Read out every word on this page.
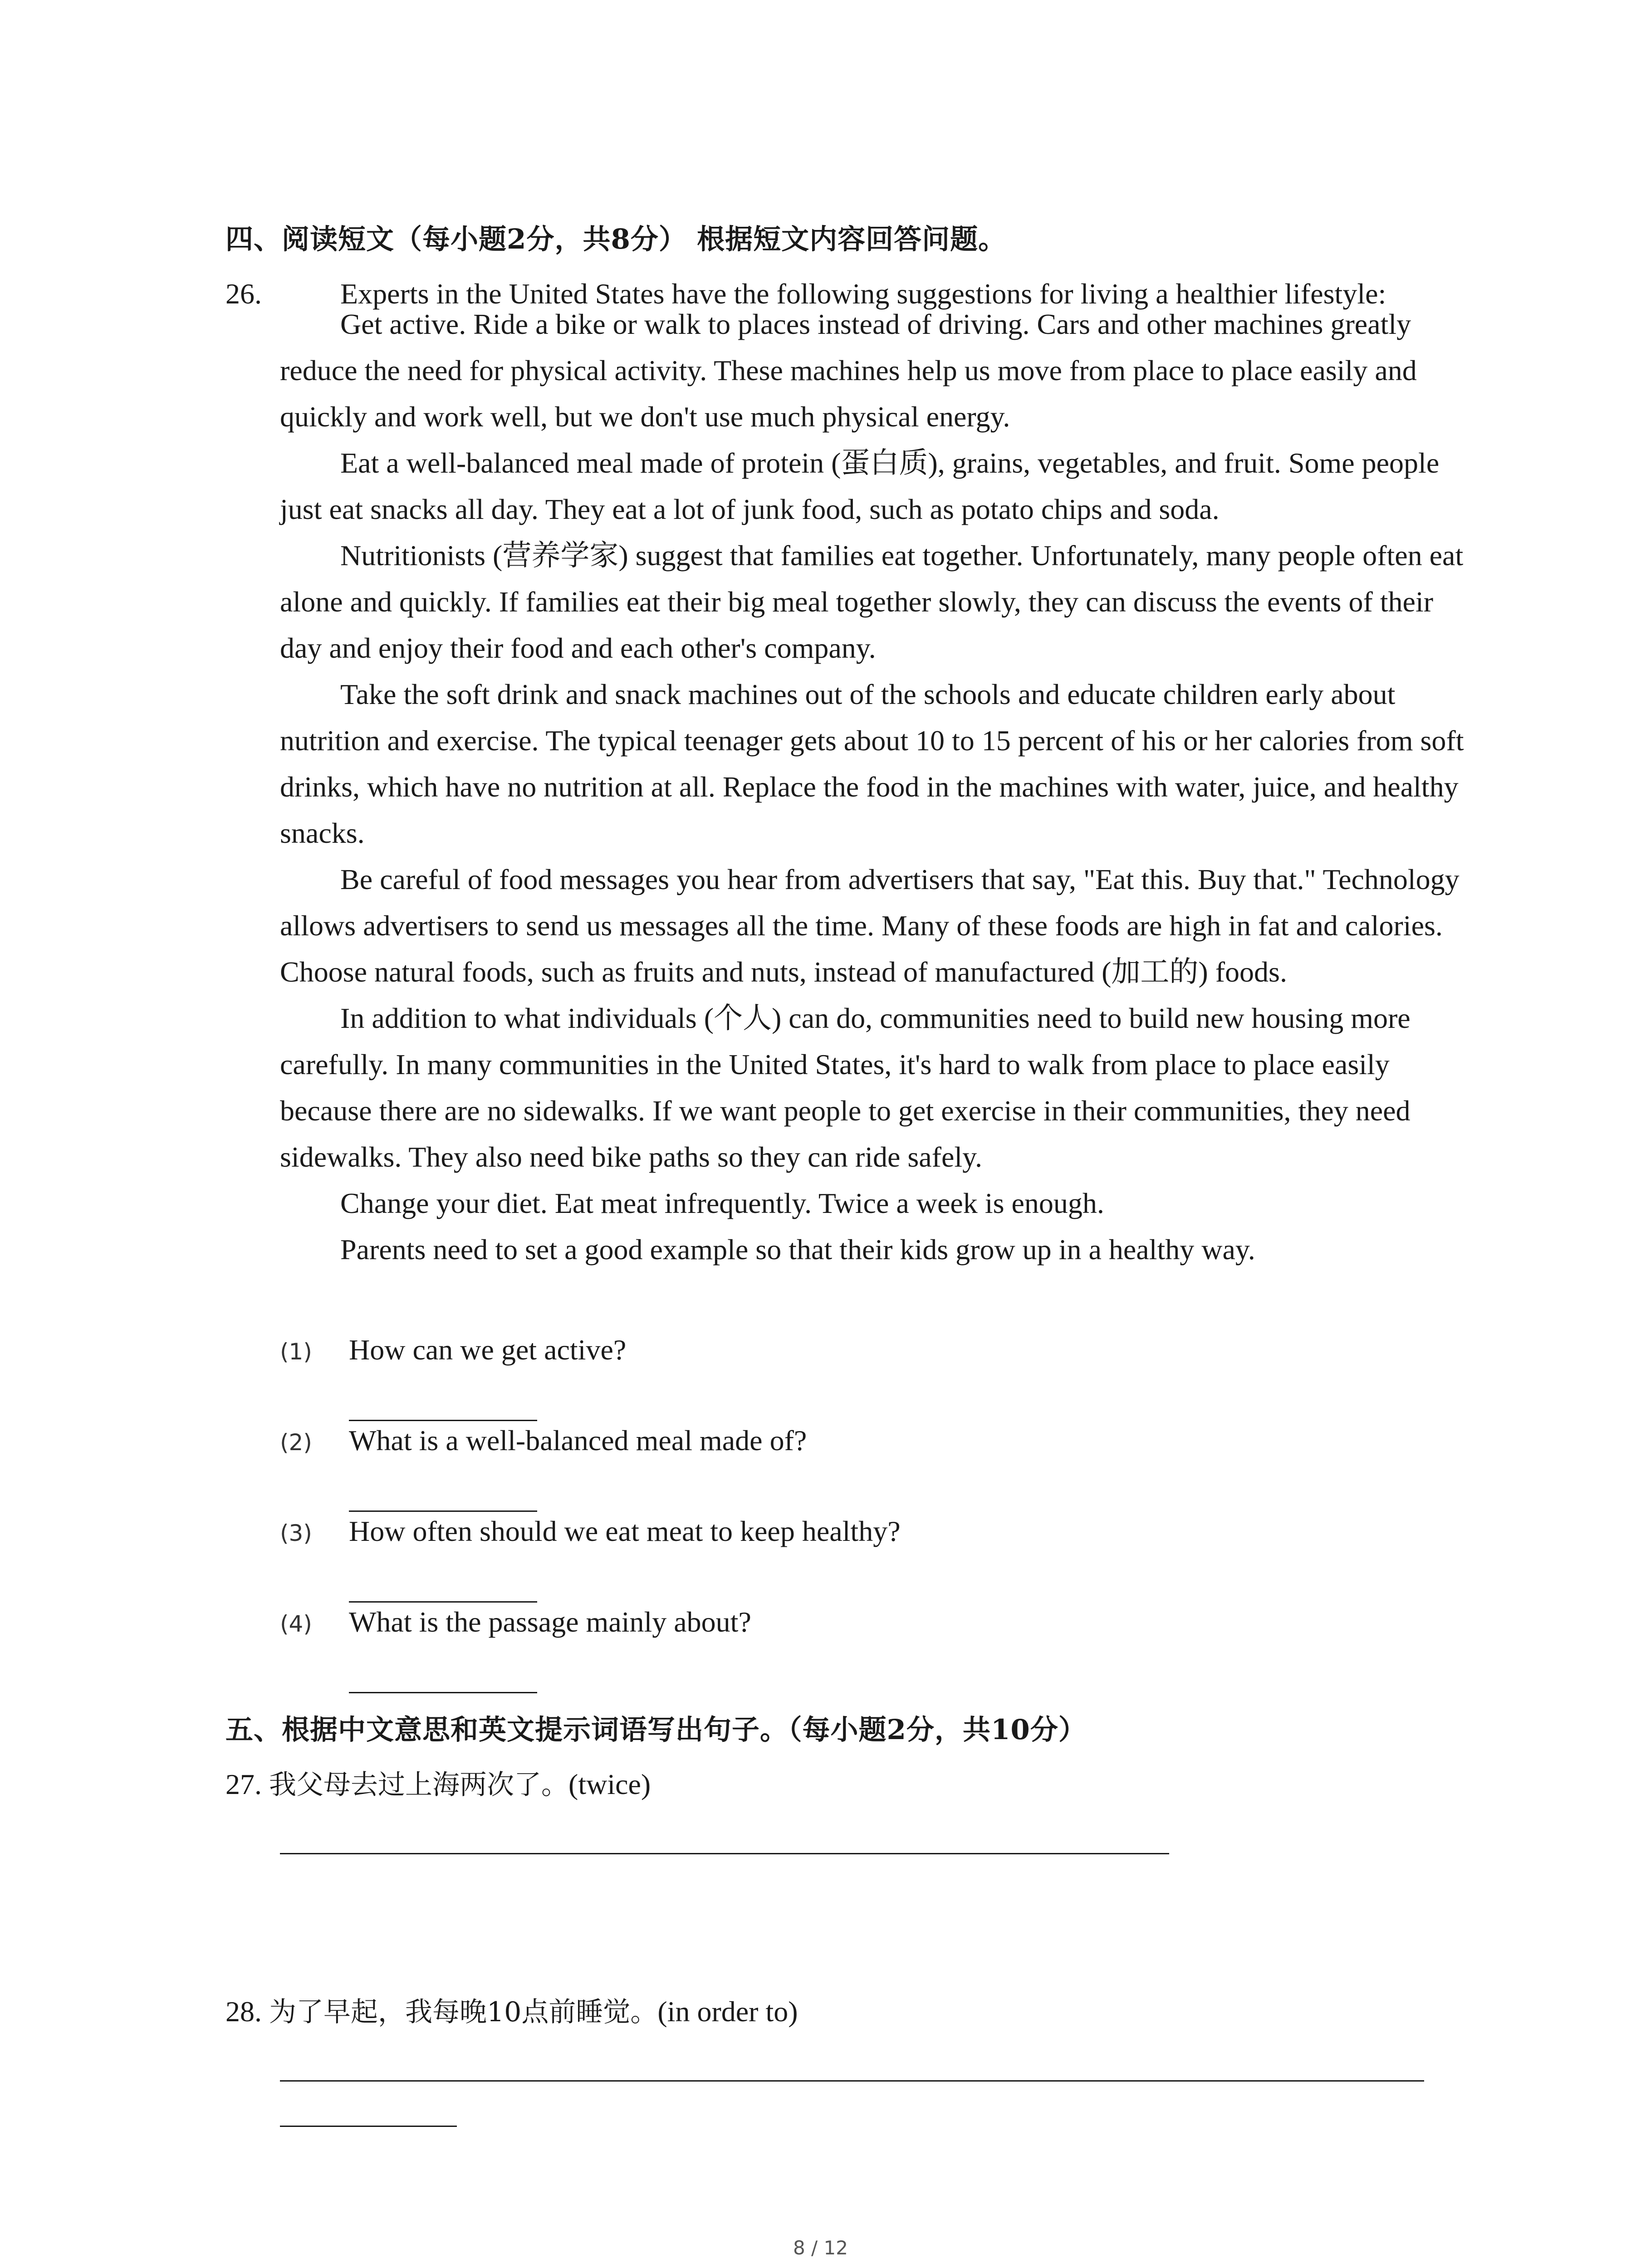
四、阅读短文（每小题2分，共8分） 根据短文内容回答问题。
26.	Experts in the United States have the following suggestions for living a healthier lifestyle:

Get active. Ride a bike or walk to places instead of driving. Cars and other machines greatly reduce the need for physical activity. These machines help us move from place to place easily and quickly and work well, but we don't use much physical energy.

Eat a well-balanced meal made of protein (蛋白质), grains, vegetables, and fruit. Some people just eat snacks all day. They eat a lot of junk food, such as potato chips and soda.

Nutritionists (营养学家) suggest that families eat together. Unfortunately, many people often eat alone and quickly. If families eat their big meal together slowly, they can discuss the events of their day and enjoy their food and each other's company.

Take the soft drink and snack machines out of the schools and educate children early about nutrition and exercise. The typical teenager gets about 10 to 15 percent of his or her calories from soft drinks, which have no nutrition at all. Replace the food in the machines with water, juice, and healthy snacks.

Be careful of food messages you hear from advertisers that say, "Eat this. Buy that." Technology allows advertisers to send us messages all the time. Many of these foods are high in fat and calories. Choose natural foods, such as fruits and nuts, instead of manufactured (加工的) foods.

In addition to what individuals (个人) can do, communities need to build new housing more carefully. In many communities in the United States, it's hard to walk from place to place easily because there are no sidewalks. If we want people to get exercise in their communities, they need sidewalks. They also need bike paths so they can ride safely.

Change your diet. Eat meat infrequently. Twice a week is enough.

Parents need to set a good example so that their kids grow up in a healthy way.

(1) How can we get active?
(2) What is a well-balanced meal made of?
(3) How often should we eat meat to keep healthy?
(4) What is the passage mainly about?
五、根据中文意思和英文提示词语写出句子。（每小题2分，共10分）
27. 我父母去过上海两次了。(twice)
28. 为了早起，我每晚10点前睡觉。(in order to)
8 / 12
